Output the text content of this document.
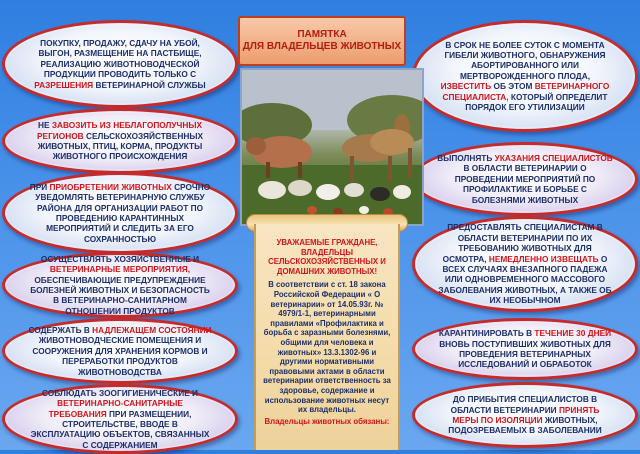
ПОКУПКУ, ПРОДАЖУ, СДАЧУ НА УБОЙ, ВЫГОН, РАЗМЕЩЕНИЕ НА ПАСТБИЩЕ, РЕАЛИЗАЦИЮ ЖИВОТНОВОДЧЕСКОЙ ПРОДУКЦИИ ПРОВОДИТЬ ТОЛЬКО С РАЗРЕШЕНИЯ ВЕТЕРИНАРНОЙ СЛУЖБЫ

НЕ ЗАВОЗИТЬ ИЗ НЕБЛАГОПОЛУЧНЫХ РЕГИОНОВ СЕЛЬСКОХОЗЯЙСТВЕННЫХ ЖИВОТНЫХ, ПТИЦ, КОРМА, ПРОДУКТЫ ЖИВОТНОГО ПРОИСХОЖДЕНИЯ

ПРИ ПРИОБРЕТЕНИИ ЖИВОТНЫХ СРОЧНО УВЕДОМЛЯТЬ ВЕТЕРИНАРНУЮ СЛУЖБУ РАЙОНА ДЛЯ ОРГАНИЗАЦИИ РАБОТ ПО ПРОВЕДЕНИЮ КАРАНТИННЫХ МЕРОПРИЯТИЙ И СЛЕДИТЬ ЗА ЕГО СОХРАННОСТЬЮ

ОСУЩЕСТВЛЯТЬ ХОЗЯЙСТВЕННЫЕ И ВЕТЕРИНАРНЫЕ МЕРОПРИЯТИЯ, ОБЕСПЕЧИВАЮЩИЕ ПРЕДУПРЕЖДЕНИЕ БОЛЕЗНЕЙ ЖИВОТНЫХ И БЕЗОПАСНОСТЬ В ВЕТЕРИНАРНО-САНИТАРНОМ ОТНОШЕНИИ ПРОДУКТОВ

СОДЕРЖАТЬ В НАДЛЕЖАЩЕМ СОСТОЯНИИ ЖИВОТНОВОДЧЕСКИЕ ПОМЕЩЕНИЯ И СООРУЖЕНИЯ ДЛЯ ХРАНЕНИЯ КОРМОВ И ПЕРЕРАБОТКИ ПРОДУКТОВ ЖИВОТНОВОДСТВА

СОБЛЮДАТЬ ЗООГИГИЕНИЧЕСКИЕ И ВЕТЕРИНАРНО-САНИТАРНЫЕ ТРЕБОВАНИЯ ПРИ РАЗМЕЩЕНИИ, СТРОИТЕЛЬСТВЕ, ВВОДЕ В ЭКСПЛУАТАЦИЮ ОБЪЕКТОВ, СВЯЗАННЫХ С СОДЕРЖАНИЕМ

В СРОК НЕ БОЛЕЕ СУТОК С МОМЕНТА ГИБЕЛИ ЖИВОТНОГО, ОБНАРУЖЕНИЯ АБОРТИРОВАННОГО ИЛИ МЕРТВОРОЖДЕННОГО ПЛОДА, ИЗВЕСТИТЬ ОБ ЭТОМ ВЕТЕРИНАРНОГО СПЕЦИАЛИСТА, КОТОРЫЙ ОПРЕДЕЛИТ ПОРЯДОК ЕГО УТИЛИЗАЦИИ

ВЫПОЛНЯТЬ УКАЗАНИЯ СПЕЦИАЛИСТОВ В ОБЛАСТИ ВЕТЕРИНАРИИ О ПРОВЕДЕНИИ МЕРОПРИЯТИЙ ПО ПРОФИЛАКТИКЕ И БОРЬБЕ С БОЛЕЗНЯМИ ЖИВОТНЫХ

ПРЕДОСТАВЛЯТЬ СПЕЦИАЛИСТАМ В ОБЛАСТИ ВЕТЕРИНАРИИ ПО ИХ ТРЕБОВАНИЮ ЖИВОТНЫХ ДЛЯ ОСМОТРА, НЕМЕДЛЕННО ИЗВЕЩАТЬ О ВСЕХ СЛУЧАЯХ ВНЕЗАПНОГО ПАДЕЖА ИЛИ ОДНОВРЕМЕННОГО МАССОВОГО ЗАБОЛЕВАНИЯ ЖИВОТНЫХ, А ТАКЖЕ ОБ ИХ НЕОБЫЧНОМ

КАРАНТИНИРОВАТЬ В ТЕЧЕНИЕ 30 ДНЕЙ ВНОВЬ ПОСТУПИВШИХ ЖИВОТНЫХ ДЛЯ ПРОВЕДЕНИЯ ВЕТЕРИНАРНЫХ ИССЛЕДОВАНИЙ И ОБРАБОТОК

ДО ПРИБЫТИЯ СПЕЦИАЛИСТОВ В ОБЛАСТИ ВЕТЕРИНАРИИ ПРИНЯТЬ МЕРЫ ПО ИЗОЛЯЦИИ ЖИВОТНЫХ, ПОДОЗРЕВАЕМЫХ В ЗАБОЛЕВАНИИ

ПАМЯТКА
ДЛЯ ВЛАДЕЛЬЦЕВ ЖИВОТНЫХ
УВАЖАЕМЫЕ ГРАЖДАНЕ, ВЛАДЕЛЬЦЫ СЕЛЬСКОХОЗЯЙСТВЕННЫХ И ДОМАШНИХ ЖИВОТНЫХ!
В соответствии с ст. 18 закона Российской Федерации « О ветеринарии» от 14.05.93г. № 4979/1-1, ветеринарными правилами «Профилактика и борьба с заразными болезнями, общими для человека и животных» 13.3.1302-96 и другими нормативными правовыми актами в области ветеринарии ответственность за здоровье, содержание и использование животных несут их владельцы.
Владельцы животных обязаны:
